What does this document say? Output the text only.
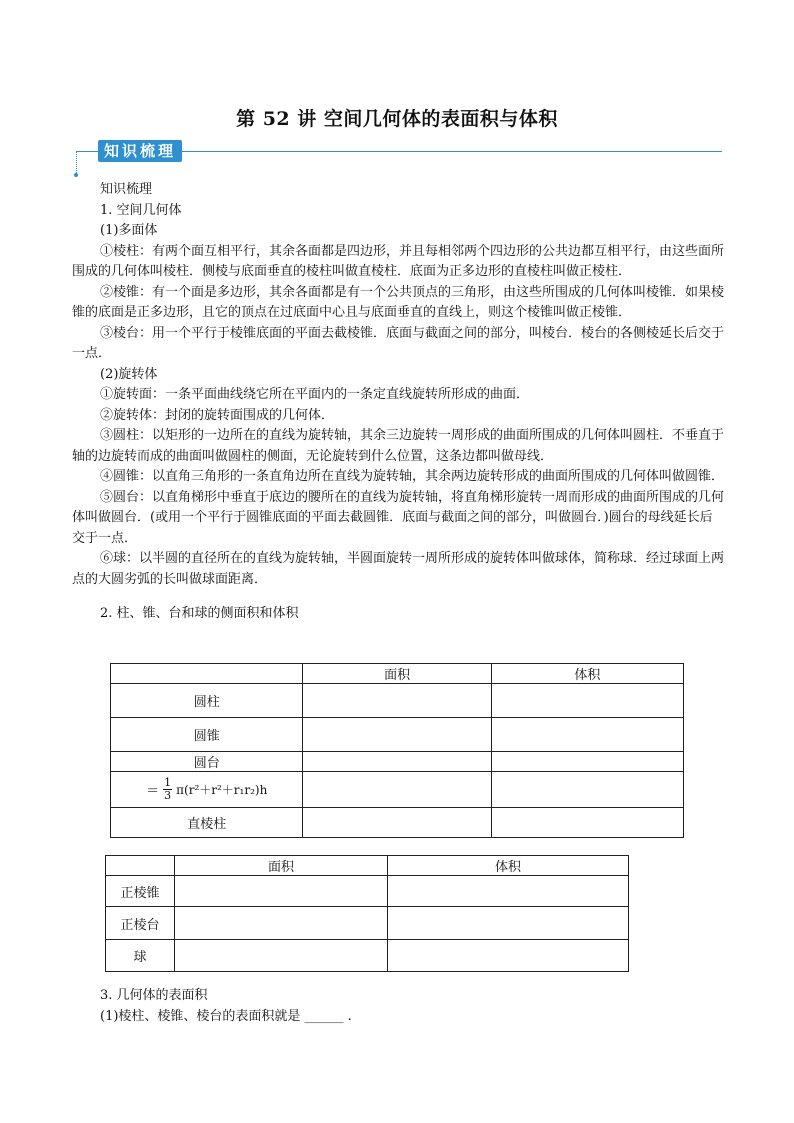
第 52 讲 空间几何体的表面积与体积
知识梳理

知识梳理

1. 空间几何体

(1)多面体

①棱柱：有两个面互相平行，其余各面都是四边形，并且每相邻两个四边形的公共边都互相平行，由这些面所围成的几何体叫棱柱．侧棱与底面垂直的棱柱叫做直棱柱．底面为正多边形的直棱柱叫做正棱柱．

②棱锥：有一个面是多边形，其余各面都是有一个公共顶点的三角形，由这些所围成的几何体叫棱锥．如果棱锥的底面是正多边形，且它的顶点在过底面中心且与底面垂直的直线上，则这个棱锥叫做正棱锥．

③棱台：用一个平行于棱锥底面的平面去截棱锥．底面与截面之间的部分，叫棱台．棱台的各侧棱延长后交于一点．

(2)旋转体

①旋转面：一条平面曲线绕它所在平面内的一条定直线旋转所形成的曲面．

②旋转体：封闭的旋转面围成的几何体．

③圆柱：以矩形的一边所在的直线为旋转轴，其余三边旋转一周形成的曲面所围成的几何体叫圆柱．不垂直于轴的边旋转而成的曲面叫做圆柱的侧面，无论旋转到什么位置，这条边都叫做母线．

④圆锥：以直角三角形的一条直角边所在直线为旋转轴，其余两边旋转形成的曲面所围成的几何体叫做圆锥．

⑤圆台：以直角梯形中垂直于底边的腰所在的直线为旋转轴，将直角梯形旋转一周而形成的曲面所围成的几何体叫做圆台．(或用一个平行于圆锥底面的平面去截圆锥．底面与截面之间的部分，叫做圆台．)圆台的母线延长后交于一点．

⑥球：以半圆的直径所在的直线为旋转轴，半圆面旋转一周所形成的旋转体叫做球体，简称球．经过球面上两点的大圆劣弧的长叫做球面距离．

2. 柱、锥、台和球的侧面积和体积

	面积	体积
圆柱		
圆锥		
圆台		

＝ $\frac{1}{3} \pi(r^2+r^2+r_1r_2)h$		

直棱柱		
	面积	体积
正棱锥		
正棱台		
球		

3. 几何体的表面积

(1)棱柱、棱锥、棱台的表面积就是 ______ .
